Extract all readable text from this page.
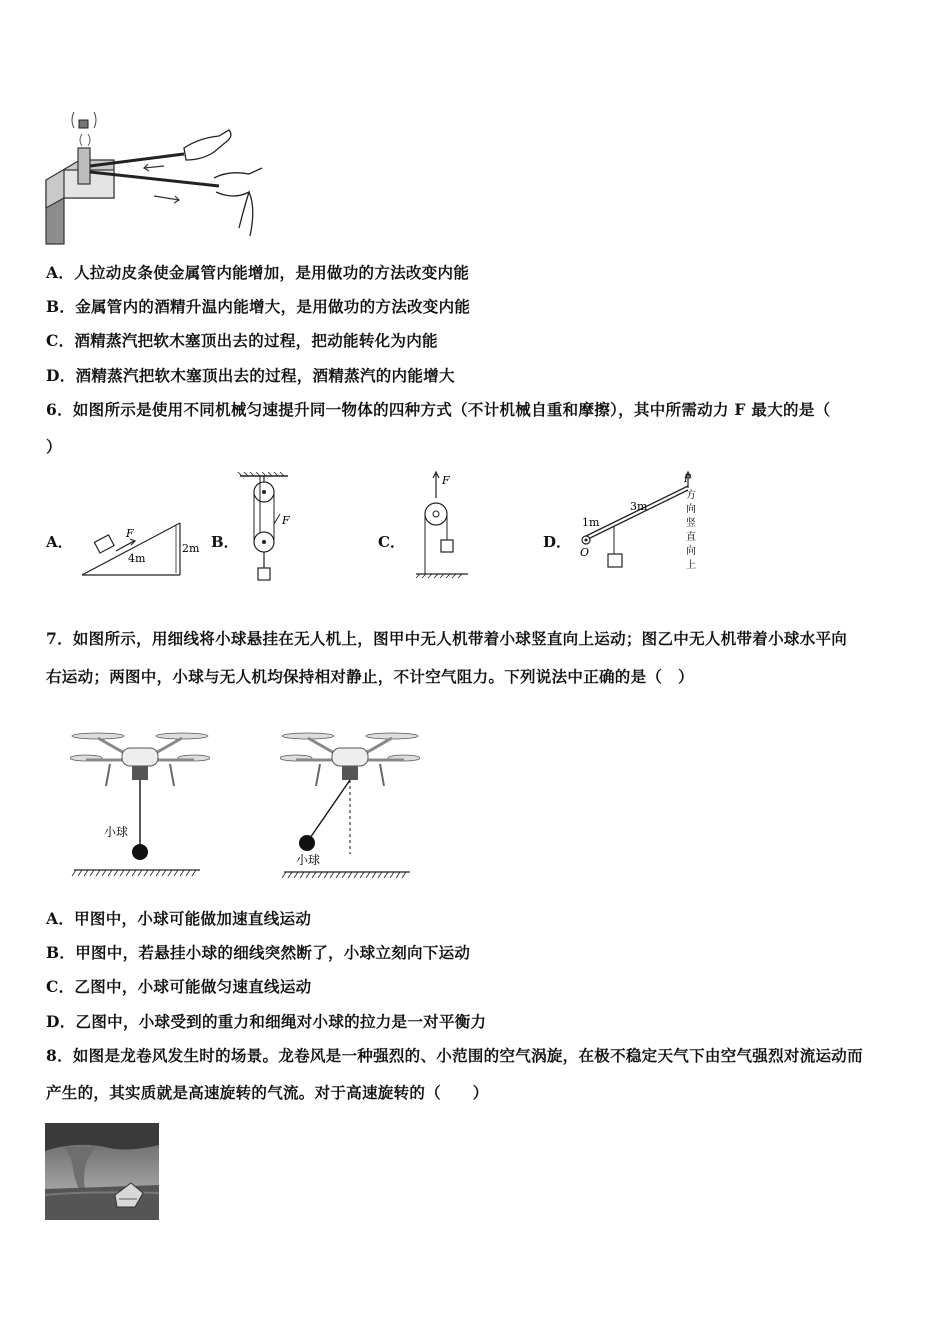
A．人拉动皮条使金属管内能增加，是用做功的方法改变内能
B．金属管内的酒精升温内能增大，是用做功的方法改变内能
C．酒精蒸汽把软木塞顶出去的过程，把动能转化为内能
D．酒精蒸汽把软木塞顶出去的过程，酒精蒸汽的内能增大
6．如图所示是使用不同机械匀速提升同一物体的四种方式（不计机械自重和摩擦），其中所需动力 F 最大的是（
）
A．	B．	C．	D．
F
4m
2m
F
F
O
1m
3m
F
方
向
竖
直
向
上
7．如图所示，用细线将小球悬挂在无人机上，图甲中无人机带着小球竖直向上运动；图乙中无人机带着小球水平向
右运动；两图中，小球与无人机均保持相对静止，不计空气阻力。下列说法中正确的是（　）
小球
小球
A．甲图中，小球可能做加速直线运动
B．甲图中，若悬挂小球的细线突然断了，小球立刻向下运动
C．乙图中，小球可能做匀速直线运动
D．乙图中，小球受到的重力和细绳对小球的拉力是一对平衡力
8．如图是龙卷风发生时的场景。龙卷风是一种强烈的、小范围的空气涡旋，在极不稳定天气下由空气强烈对流运动而
产生的，其实质就是高速旋转的气流。对于高速旋转的（　　）
